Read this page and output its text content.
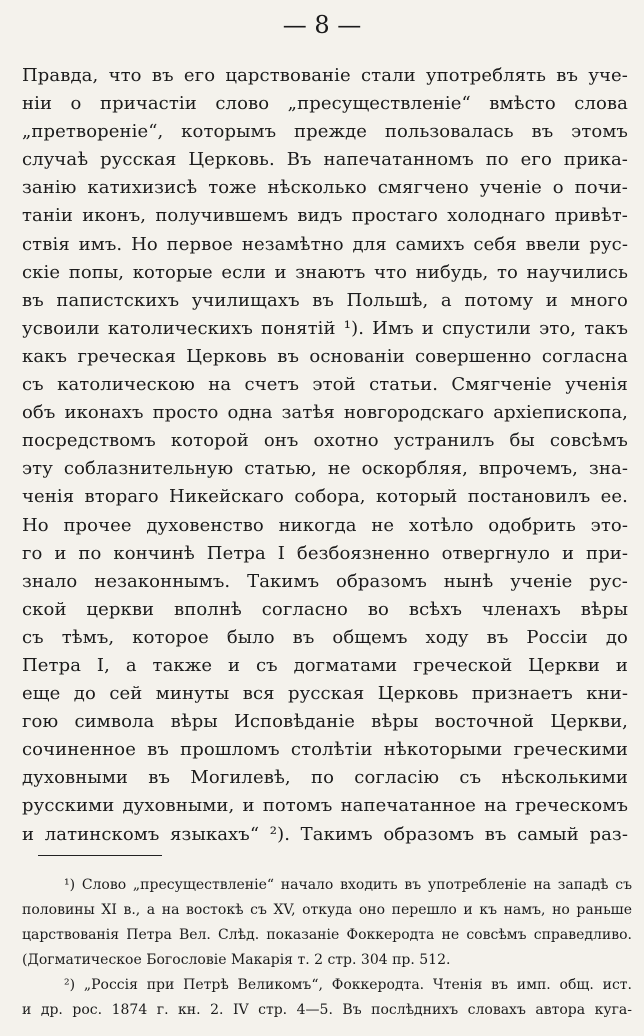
— 8 —
Правда, что въ его царствованіе стали употреблять въ уче-
ніи о причастіи слово „пресуществленіе“ вмѣсто слова
„претвореніе“, которымъ прежде пользовалась въ этомъ
случаѣ русская Церковь. Въ напечатанномъ по его прика-
занію катихизисѣ тоже нѣсколько смягчено ученіе о почи-
таніи иконъ, получившемъ видъ простаго холоднаго привѣт-
ствія имъ. Но первое незамѣтно для самихъ себя ввели рус-
скіе попы, которые если и знаютъ что нибудь, то научились
въ папистскихъ училищахъ въ Польшѣ, а потому и много
усвоили католическихъ понятій ¹). Имъ и спустили это, такъ
какъ греческая Церковь въ основаніи совершенно согласна
съ католическою на счетъ этой статьи. Смягченіе ученія
объ иконахъ просто одна затѣя новгородскаго архіепископа,
посредствомъ которой онъ охотно устранилъ бы совсѣмъ
эту соблазнительную статью, не оскорбляя, впрочемъ, зна-
ченія втораго Никейскаго собора, который постановилъ ее.
Но прочее духовенство никогда не хотѣло одобрить это-
го и по кончинѣ Петра I безбоязненно отвергнуло и при-
знало незаконнымъ. Такимъ образомъ нынѣ ученіе рус-
ской церкви вполнѣ согласно во всѣхъ членахъ вѣры
съ тѣмъ, которое было въ общемъ ходу въ Россіи до
Петра I, а также и съ догматами греческой Церкви и
еще до сей минуты вся русская Церковь признаетъ кни-
гою символа вѣры Исповѣданіе вѣры восточной Церкви,
сочиненное въ прошломъ столѣтіи нѣкоторыми греческими
духовными въ Могилевѣ, по согласію съ нѣсколькими
русскими духовными, и потомъ напечатанное на греческомъ
и латинскомъ языкахъ“ ²). Такимъ образомъ въ самый раз-
¹) Слово „пресуществленіе“ начало входить въ употребленіе на западѣ съ
половины XI в., а на востокѣ съ XV, откуда оно перешло и къ намъ, но раньше
царствованія Петра Вел. Слѣд. показаніе Фоккеродта не совсѣмъ справедливо.
(Догматическое Богословіе Макарія т. 2 стр. 304 пр. 512.
²) „Россія при Петрѣ Великомъ“, Фоккеродта. Чтенія въ имп. общ. ист.
и др. рос. 1874 г. кн. 2. IV стр. 4—5. Въ послѣднихъ словахъ автора куга-
